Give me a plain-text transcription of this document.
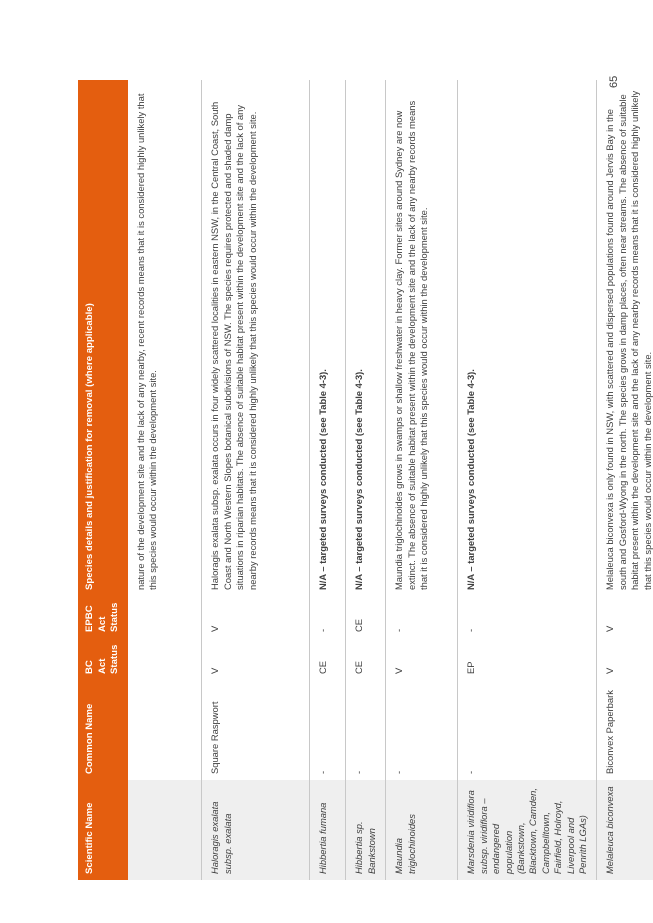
65
Scientific Name	Common Name	BC Act Status	EPBC Act Status	Species details and justification for removal (where applicable)
				nature of the development site and the lack of any nearby, recent records means that it is considered highly unlikely that this species would occur within the development site.
Haloragis exalata subsp. exalata	Square Raspwort	V	V	Haloragis exalata subsp. exalata occurs in four widely scattered localities in eastern NSW, in the Central Coast, South Coast and North Western Slopes botanical subdivisions of NSW. The species requires protected and shaded damp situations in riparian habitats. The absence of suitable habitat present within the development site and the lack of any nearby records means that it is considered highly unlikely that this species would occur within the development site.
Hibbertia fumana	-	CE	-	N/A – targeted surveys conducted (see Table 4-3).
Hibbertia sp. Bankstown	-	CE	CE	N/A – targeted surveys conducted (see Table 4-3).
Maundia triglochinoides	-	V	-	Maundia triglochinoides grows in swamps or shallow freshwater in heavy clay. Former sites around Sydney are now extinct. The absence of suitable habitat present within the development site and the lack of any nearby records means that it is considered highly unlikely that this species would occur within the development site.
Marsdenia viridiflora subsp. viridiflora – endangered population (Bankstown, Blacktown, Camden, Campbelltown, Fairfield, Holroyd, Liverpool and Penrith LGAs)	-	EP	-	N/A – targeted surveys conducted (see Table 4-3).
Melaleuca biconvexa	Biconvex Paperbark	V	V	Melaleuca biconvexa is only found in NSW, with scattered and dispersed populations found around Jervis Bay in the south and Gosford-Wyong in the north. The species grows in damp places, often near streams. The absence of suitable habitat present within the development site and the lack of any nearby records means that it is considered highly unlikely that this species would occur within the development site.
